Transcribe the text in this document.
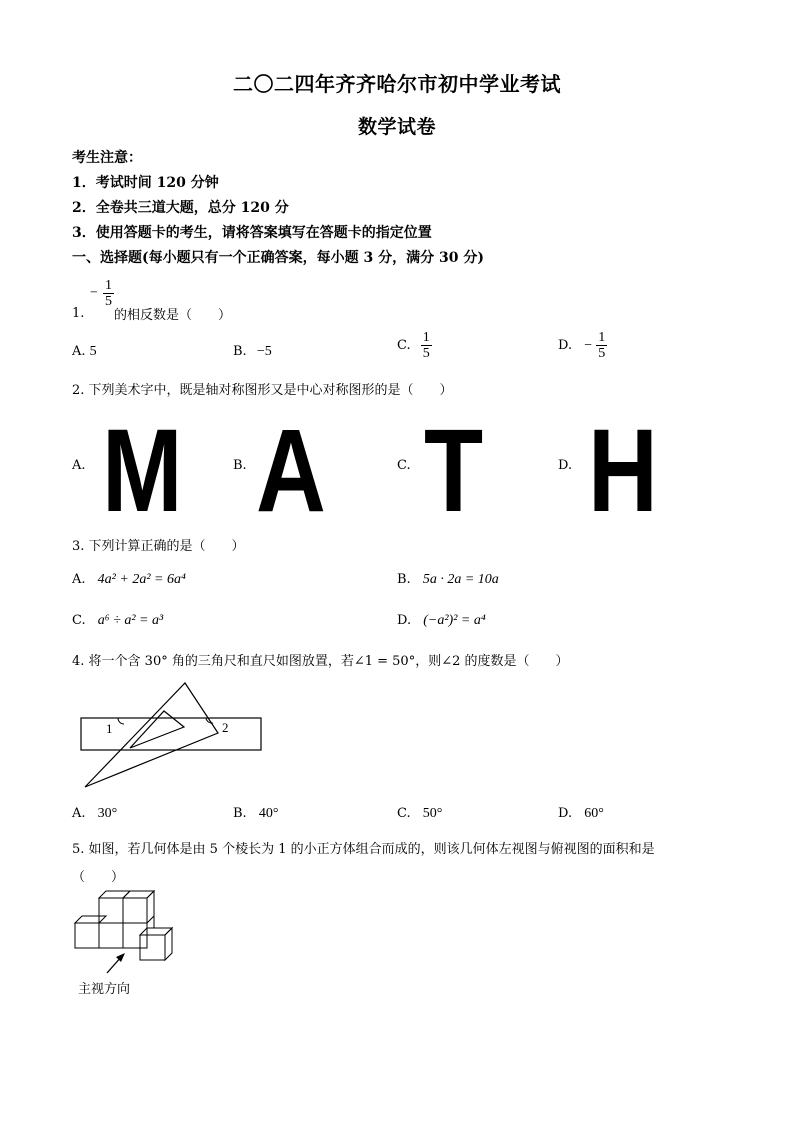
二〇二四年齐齐哈尔市初中学业考试
数学试卷
考生注意：
1．考试时间 120 分钟
2．全卷共三道大题，总分 120 分
3．使用答题卡的考生，请将答案填写在答题卡的指定位置
一、选择题(每小题只有一个正确答案，每小题 3 分，满分 30 分)
1.
− $\frac{1}{5}$
的相反数是（　　）
A. 5	B. −5	C. $\frac{1}{5}$	D. − $\frac{1}{5}$
2. 下列美术字中，既是轴对称图形又是中心对称图形的是（　　）
A. M	B. A	C. T	D. H
3. 下列计算正确的是（　　）
A. 4a² + 2a² = 6a⁴	B. 5a · 2a = 10a
C. a⁶ ÷ a² = a³	D. (−a²)² = a⁴
4. 将一个含 30° 角的三角尺和直尺如图放置，若∠1 = 50°，则∠2 的度数是（　　）
1	2
A. 30°	B. 40°	C. 50°	D. 60°
5. 如图，若几何体是由 5 个棱长为 1 的小正方体组合而成的，则该几何体左视图与俯视图的面积和是
（　　）
主视方向
